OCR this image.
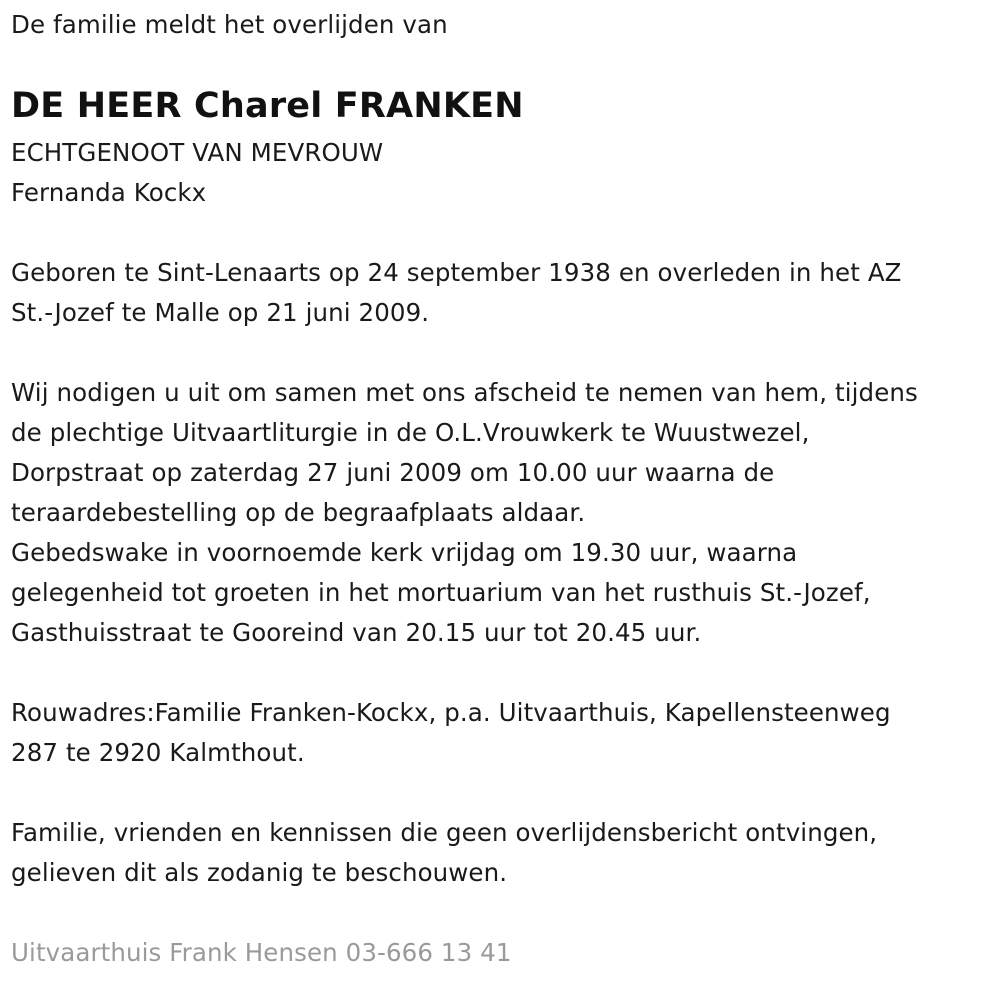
De familie meldt het overlijden van
DE HEER Charel FRANKEN
ECHTGENOOT VAN MEVROUW
Fernanda Kockx
Geboren te Sint-Lenaarts op 24 september 1938 en overleden in het AZ
St.-Jozef te Malle op 21 juni 2009.
Wij nodigen u uit om samen met ons afscheid te nemen van hem, tijdens
de plechtige Uitvaartliturgie in de O.L.Vrouwkerk te Wuustwezel,
Dorpstraat op zaterdag 27 juni 2009 om 10.00 uur waarna de
teraardebestelling op de begraafplaats aldaar.
Gebedswake in voornoemde kerk vrijdag om 19.30 uur, waarna
gelegenheid tot groeten in het mortuarium van het rusthuis St.-Jozef,
Gasthuisstraat te Gooreind van 20.15 uur tot 20.45 uur.
Rouwadres:Familie Franken-Kockx, p.a. Uitvaarthuis, Kapellensteenweg
287 te 2920 Kalmthout.
Familie, vrienden en kennissen die geen overlijdensbericht ontvingen,
gelieven dit als zodanig te beschouwen.
Uitvaarthuis Frank Hensen 03-666 13 41
